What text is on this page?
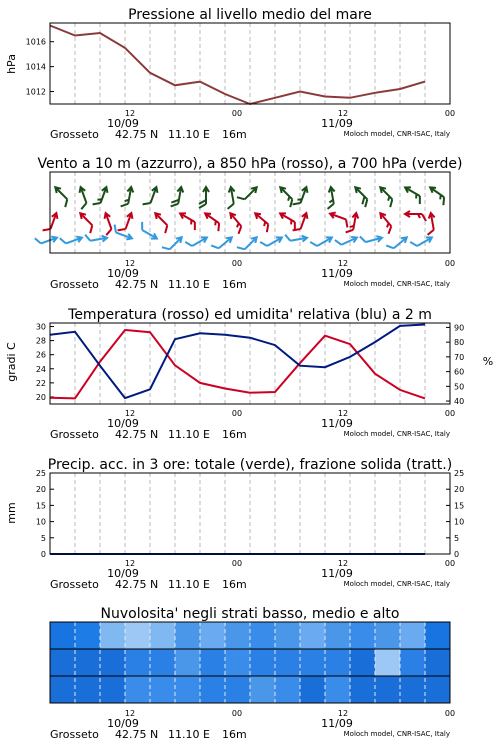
Pressione al livello medio del mare
hPa
1012
1014
1016
12	00	12	00
10/09	11/09
Grosseto 42.75 N 11.10 E 16m	Moloch model, CNR-ISAC, Italy
Vento a 10 m (azzurro), a 850 hPa (rosso), a 700 hPa (verde)
12	00	12	00
10/09	11/09
Grosseto 42.75 N 11.10 E 16m	Moloch model, CNR-ISAC, Italy
Temperatura (rosso) ed umidita' relativa (blu) a 2 m
gradi C	%
20
22
24
26
28
30
40
50
60
70
80
90
12	00	12	00
10/09	11/09
Grosseto 42.75 N 11.10 E 16m	Moloch model, CNR-ISAC, Italy
Precip. acc. in 3 ore: totale (verde), frazione solida (tratt.)
mm
0
5
10
15
20
25
0
5
10
15
20
25
12	00	12	00
10/09	11/09
Grosseto 42.75 N 11.10 E 16m	Moloch model, CNR-ISAC, Italy
Nuvolosita' negli strati basso, medio e alto
12	00	12	00
10/09	11/09
Grosseto 42.75 N 11.10 E 16m	Moloch model, CNR-ISAC, Italy
